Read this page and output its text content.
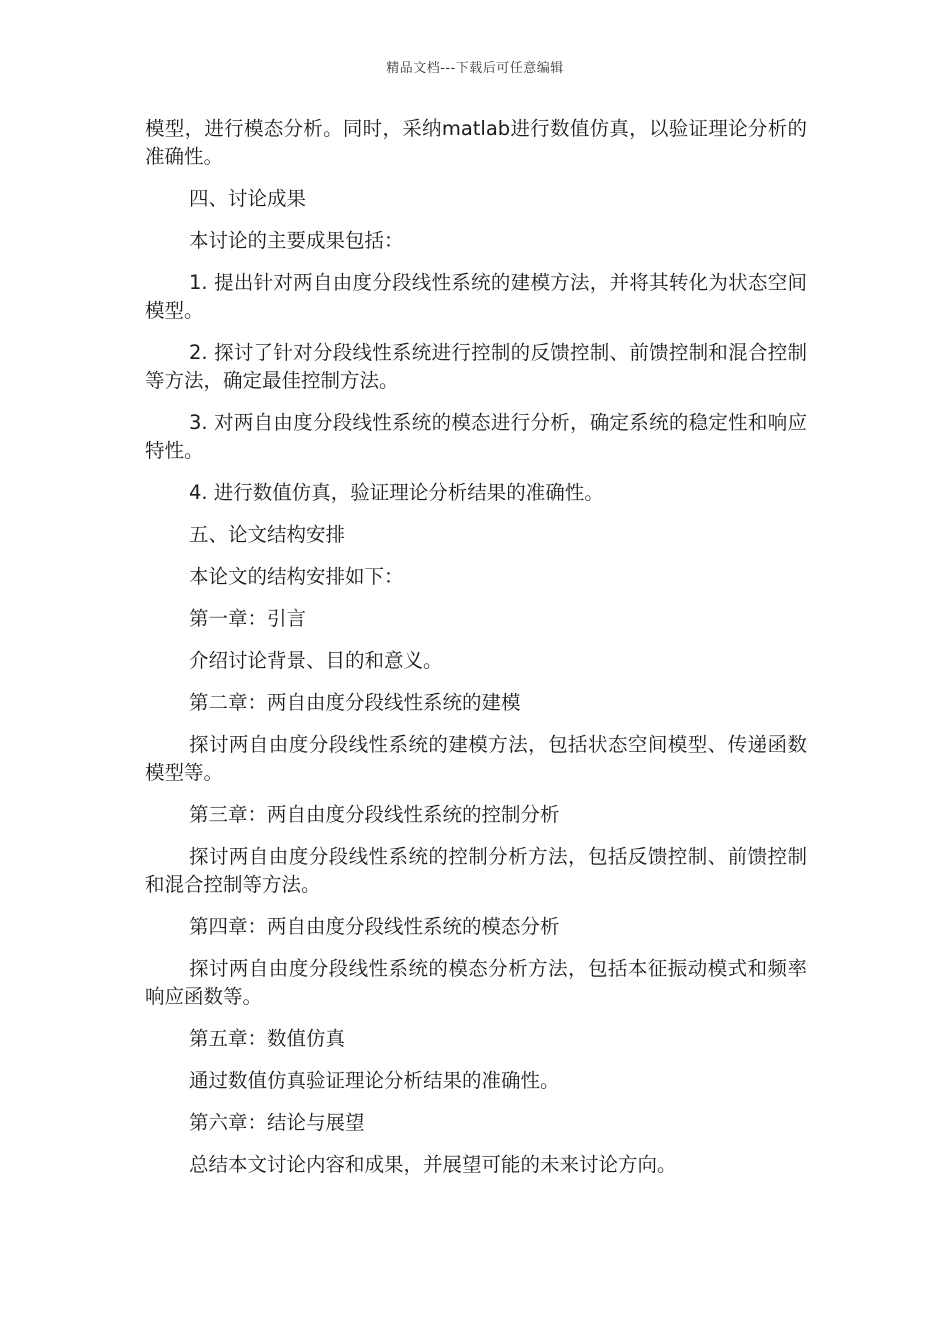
精品文档---下载后可任意编辑

模型，进行模态分析。同时，采纳matlab进行数值仿真，以验证理论分析的准确性。

四、讨论成果

本讨论的主要成果包括：

1. 提出针对两自由度分段线性系统的建模方法，并将其转化为状态空间模型。

2. 探讨了针对分段线性系统进行控制的反馈控制、前馈控制和混合控制等方法，确定最佳控制方法。

3. 对两自由度分段线性系统的模态进行分析，确定系统的稳定性和响应特性。

4. 进行数值仿真，验证理论分析结果的准确性。

五、论文结构安排

本论文的结构安排如下：

第一章：引言

介绍讨论背景、目的和意义。

第二章：两自由度分段线性系统的建模

探讨两自由度分段线性系统的建模方法，包括状态空间模型、传递函数模型等。

第三章：两自由度分段线性系统的控制分析

探讨两自由度分段线性系统的控制分析方法，包括反馈控制、前馈控制和混合控制等方法。

第四章：两自由度分段线性系统的模态分析

探讨两自由度分段线性系统的模态分析方法，包括本征振动模式和频率响应函数等。

第五章：数值仿真

通过数值仿真验证理论分析结果的准确性。

第六章：结论与展望

总结本文讨论内容和成果，并展望可能的未来讨论方向。
